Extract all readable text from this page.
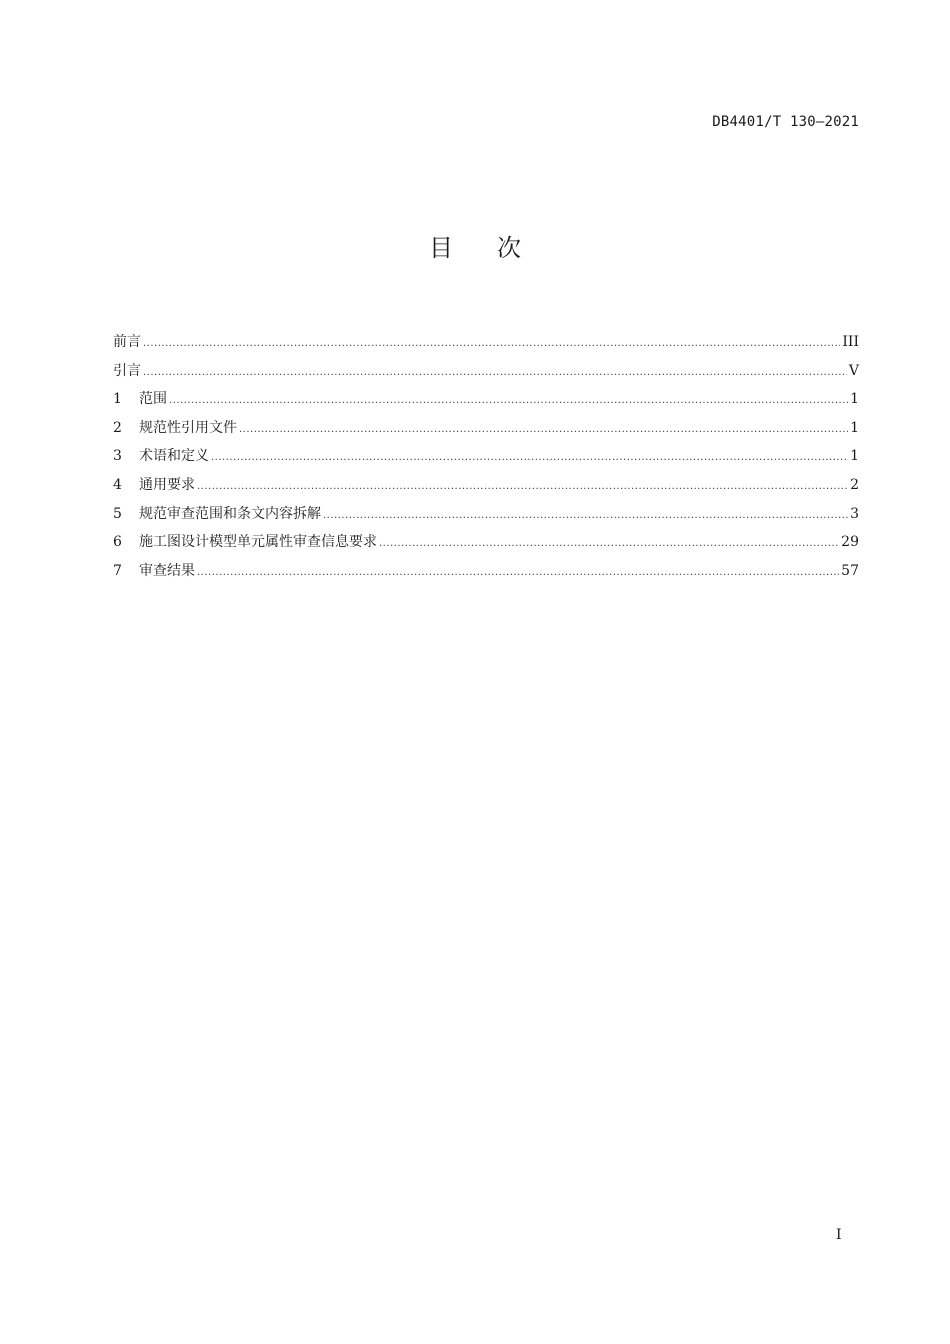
DB4401/T 130—2021
目次
前言 .....	III
引言 .....	V
1	范围 .....	1
2	规范性引用文件 .....	1
3	术语和定义 .....	1
4	通用要求 .....	2
5	规范审查范围和条文内容拆解 .....	3
6	施工图设计模型单元属性审查信息要求 .....	29
7	审查结果 .....	57
I
